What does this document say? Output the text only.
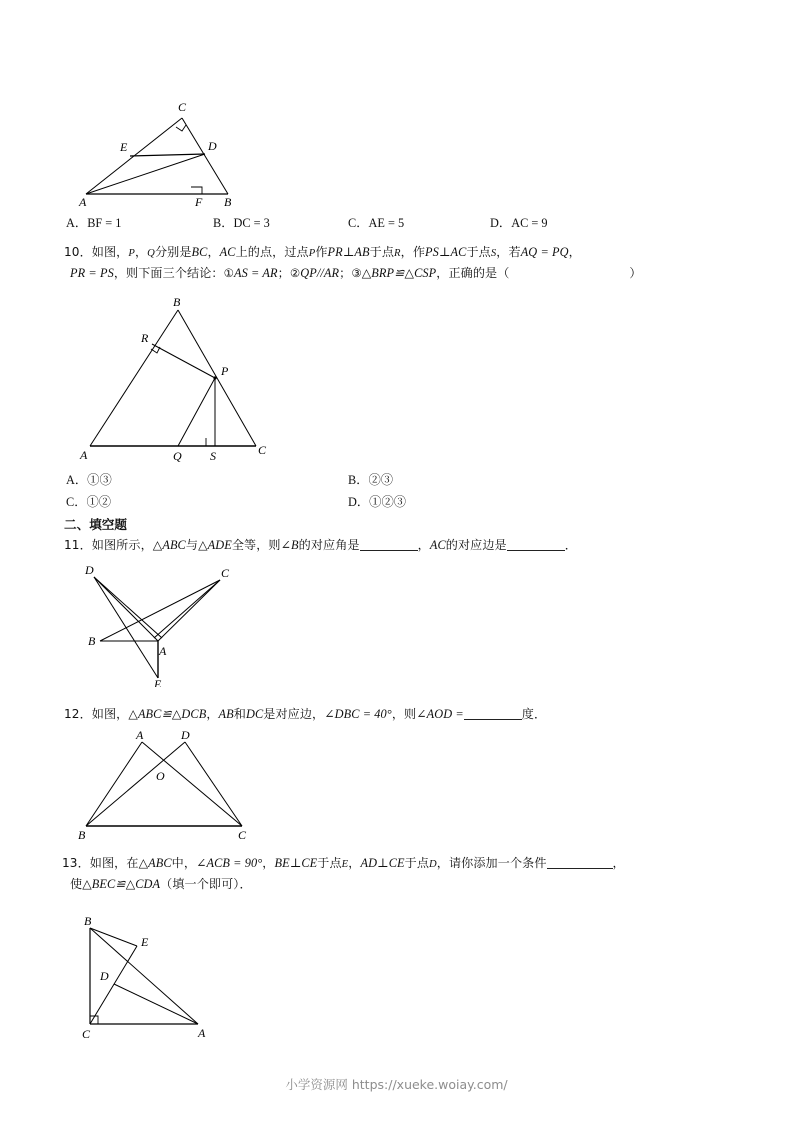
C
E	D
A	F B
A．BF = 1	B．DC = 3	C．AE = 5	D．AC = 9
10．如图，P，Q分别是BC，AC上的点，过点P作PR⊥AB于点R，作PS⊥AC于点S，若AQ = PQ，
PR = PS，则下面三个结论：①AS = AR；②QP//AR；③△BRP≌△CSP，正确的是（	）
B
R
P
A	Q S	C
A．①③	B．②③
C．①②	D．①②③
二、填空题
11．如图所示，△ABC与△ADE全等，则∠B的对应角是	，AC的对应边是	．
D	C
B
A
E
12．如图，△ABC≌△DCB，AB和DC是对应边，∠DBC = 40°，则∠AOD =	度．
A	D
O
B	C
13．如图，在△ABC中，∠ACB = 90°，BE⊥CE于点E，AD⊥CE于点D，请你添加一个条件	，
使△BEC≌△CDA（填一个即可）．
B
E
D
C	A
小学资源网 https://xueke.woiay.com/
